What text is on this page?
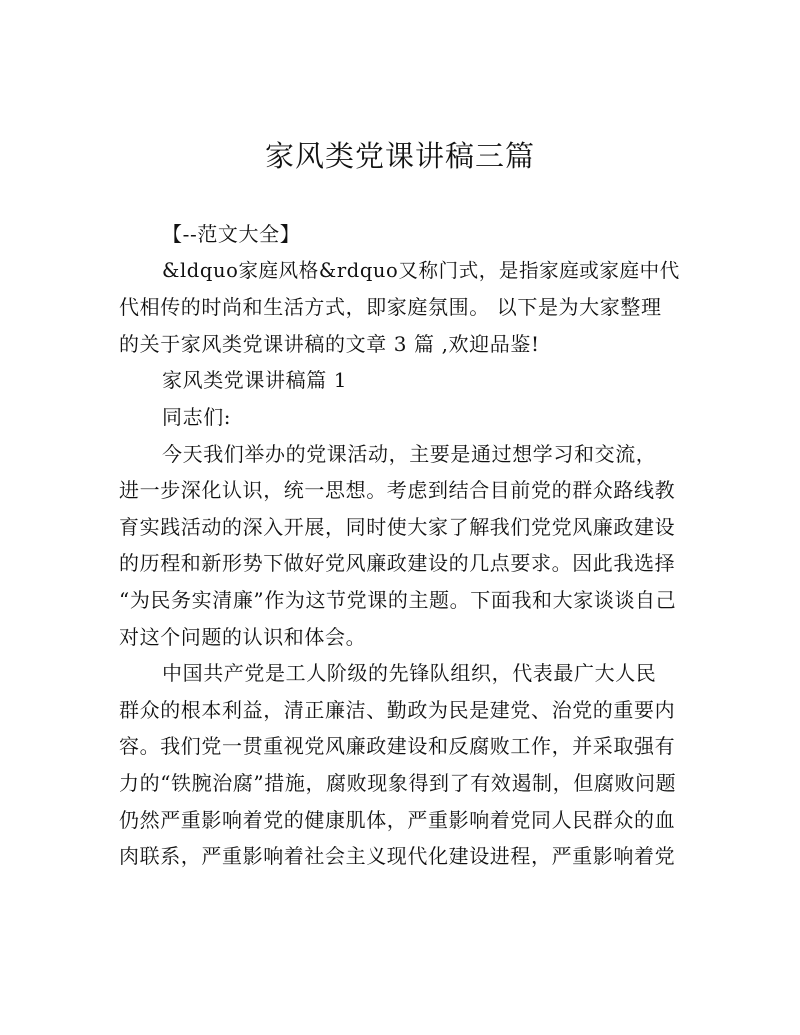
家风类党课讲稿三篇
【--范文大全】
&ldquo家庭风格&rdquo又称门式，是指家庭或家庭中代
代相传的时尚和生活方式，即家庭氛围。 以下是为大家整理
的关于家风类党课讲稿的文章 3 篇 ,欢迎品鉴!
家风类党课讲稿篇 1
同志们:
今天我们举办的党课活动，主要是通过想学习和交流，
进一步深化认识，统一思想。考虑到结合目前党的群众路线教
育实践活动的深入开展，同时使大家了解我们党党风廉政建设
的历程和新形势下做好党风廉政建设的几点要求。因此我选择
“为民务实清廉”作为这节党课的主题。下面我和大家谈谈自己
对这个问题的认识和体会。
中国共产党是工人阶级的先锋队组织，代表最广大人民
群众的根本利益，清正廉洁、勤政为民是建党、治党的重要内
容。我们党一贯重视党风廉政建设和反腐败工作，并采取强有
力的“铁腕治腐”措施，腐败现象得到了有效遏制，但腐败问题
仍然严重影响着党的健康肌体，严重影响着党同人民群众的血
肉联系，严重影响着社会主义现代化建设进程，严重影响着党
